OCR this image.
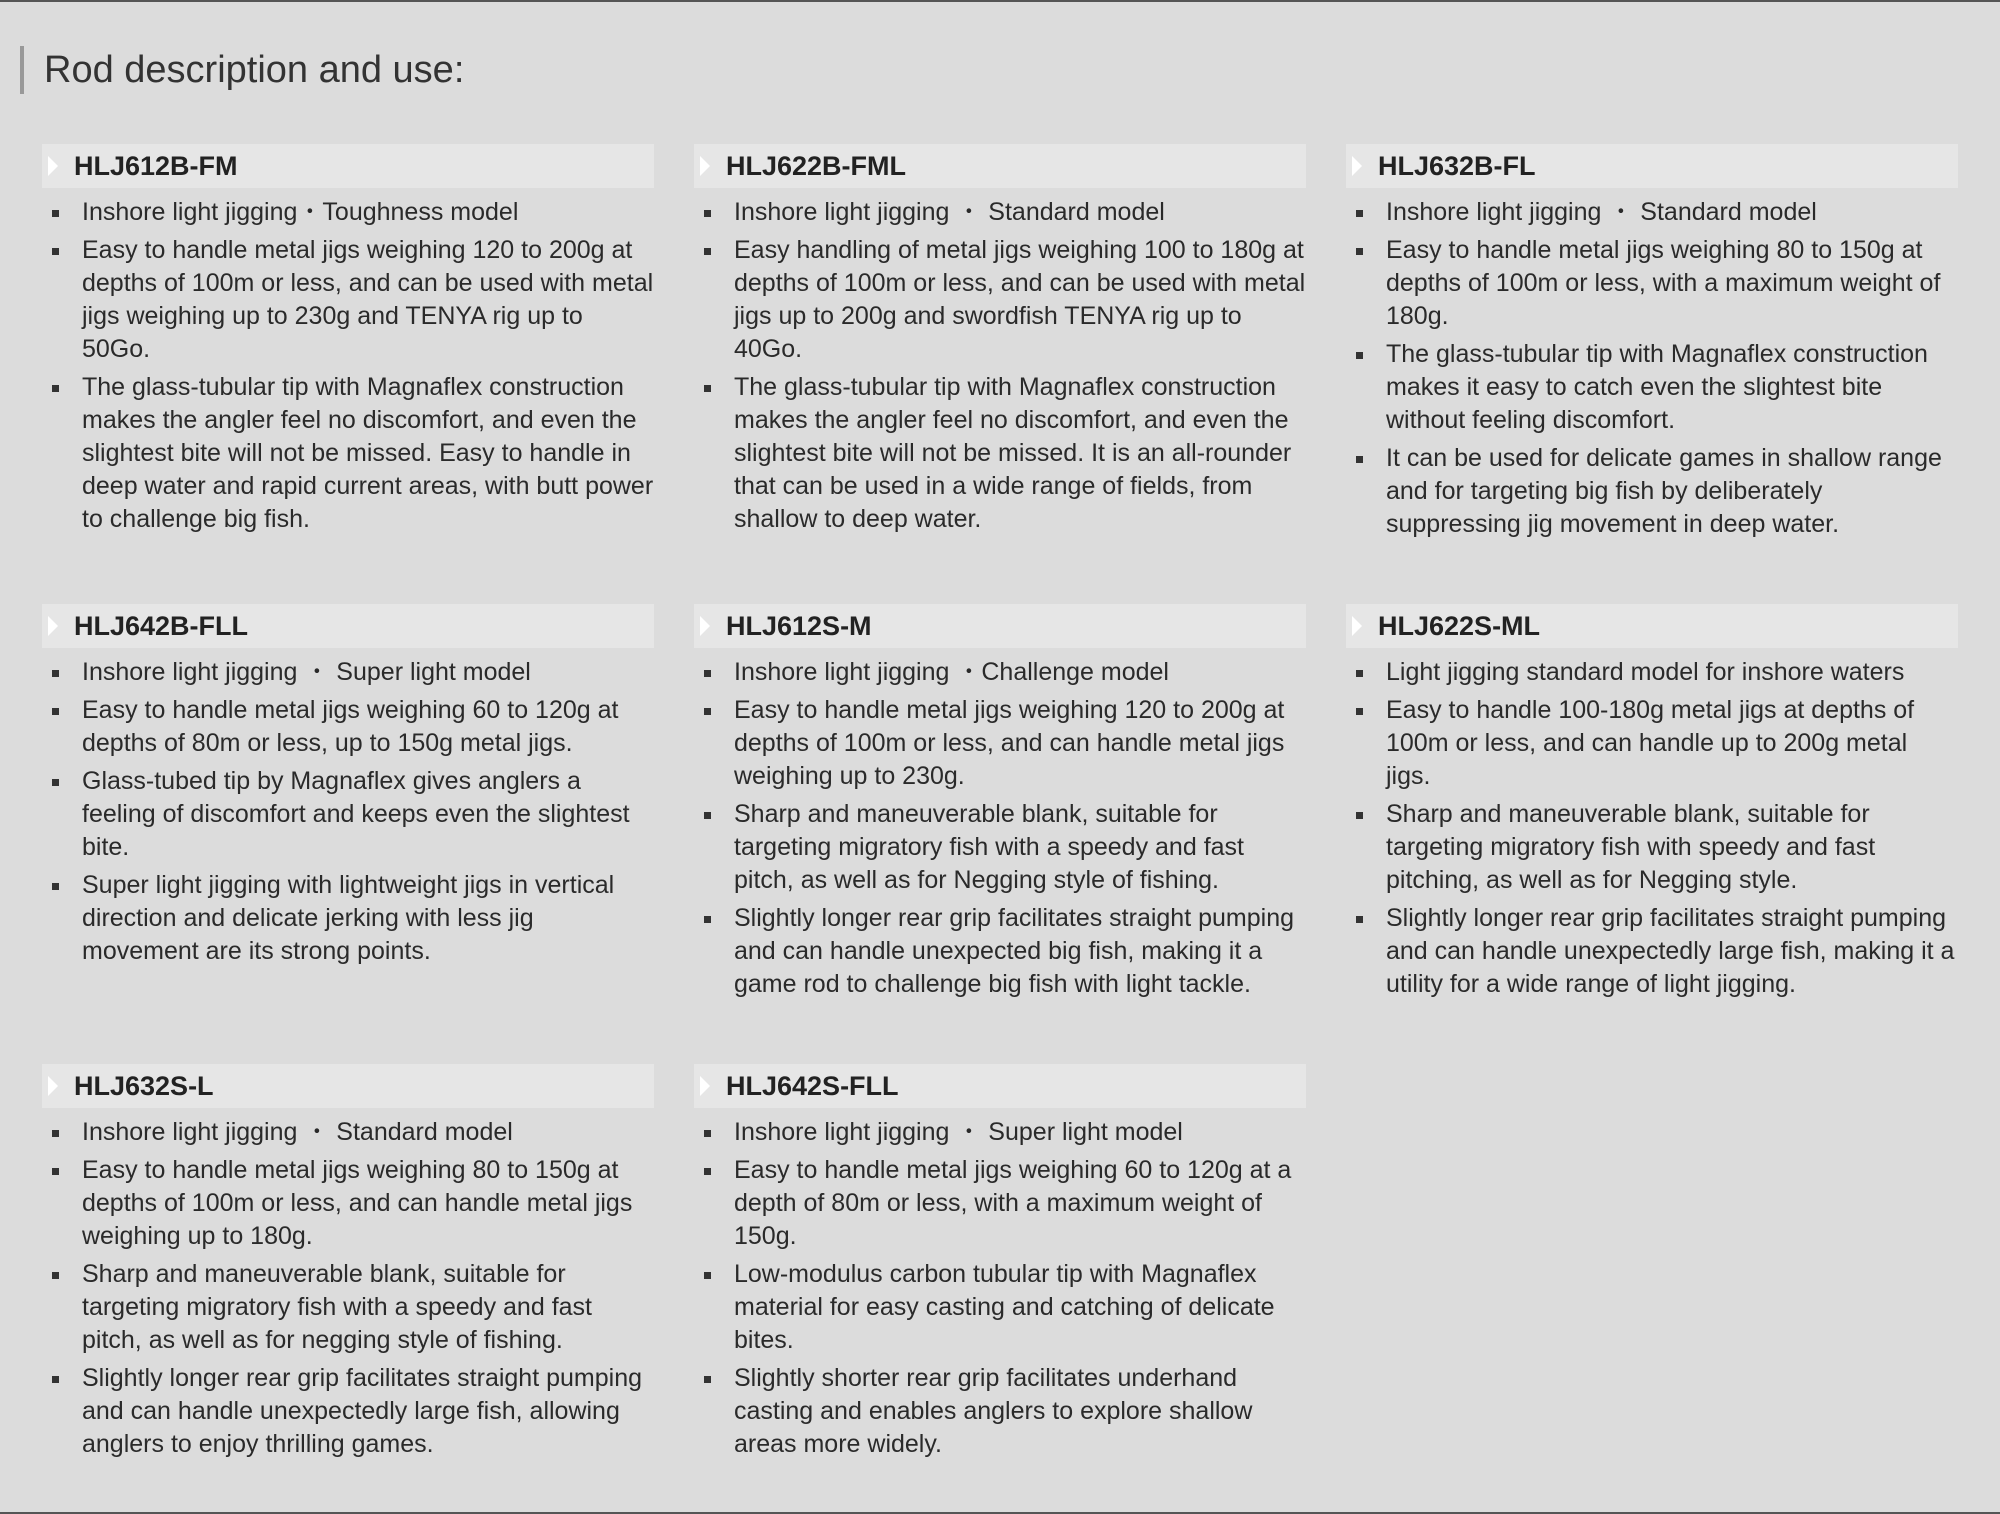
Rod description and use:
HLJ612B-FM
Inshore light jigging・Toughness model
Easy to handle metal jigs weighing 120 to 200g at depths of 100m or less, and can be used with metal jigs weighing up to 230g and TENYA rig up to 50Go.
The glass-tubular tip with Magnaflex construction makes the angler feel no discomfort, and even the slightest bite will not be missed. Easy to handle in deep water and rapid current areas, with butt power to challenge big fish.
HLJ622B-FML
Inshore light jigging ・ Standard model
Easy handling of metal jigs weighing 100 to 180g at depths of 100m or less, and can be used with metal jigs up to 200g and swordfish TENYA rig up to 40Go.
The glass-tubular tip with Magnaflex construction makes the angler feel no discomfort, and even the slightest bite will not be missed. It is an all-rounder that can be used in a wide range of fields, from shallow to deep water.
HLJ632B-FL
Inshore light jigging ・ Standard model
Easy to handle metal jigs weighing 80 to 150g at depths of 100m or less, with a maximum weight of 180g.
The glass-tubular tip with Magnaflex construction makes it easy to catch even the slightest bite without feeling discomfort.
It can be used for delicate games in shallow range and for targeting big fish by deliberately suppressing jig movement in deep water.
HLJ642B-FLL
Inshore light jigging ・ Super light model
Easy to handle metal jigs weighing 60 to 120g at depths of 80m or less, up to 150g metal jigs.
Glass-tubed tip by Magnaflex gives anglers a feeling of discomfort and keeps even the slightest bite.
Super light jigging with lightweight jigs in vertical direction and delicate jerking with less jig movement are its strong points.
HLJ612S-M
Inshore light jigging ・Challenge model
Easy to handle metal jigs weighing 120 to 200g at depths of 100m or less, and can handle metal jigs weighing up to 230g.
Sharp and maneuverable blank, suitable for targeting migratory fish with a speedy and fast pitch, as well as for Negging style of fishing.
Slightly longer rear grip facilitates straight pumping and can handle unexpected big fish, making it a game rod to challenge big fish with light tackle.
HLJ622S-ML
Light jigging standard model for inshore waters
Easy to handle 100-180g metal jigs at depths of 100m or less, and can handle up to 200g metal jigs.
Sharp and maneuverable blank, suitable for targeting migratory fish with speedy and fast pitching, as well as for Negging style.
Slightly longer rear grip facilitates straight pumping and can handle unexpectedly large fish, making it a utility for a wide range of light jigging.
HLJ632S-L
Inshore light jigging ・ Standard model
Easy to handle metal jigs weighing 80 to 150g at depths of 100m or less, and can handle metal jigs weighing up to 180g.
Sharp and maneuverable blank, suitable for targeting migratory fish with a speedy and fast pitch, as well as for negging style of fishing.
Slightly longer rear grip facilitates straight pumping and can handle unexpectedly large fish, allowing anglers to enjoy thrilling games.
HLJ642S-FLL
Inshore light jigging ・ Super light model
Easy to handle metal jigs weighing 60 to 120g at a depth of 80m or less, with a maximum weight of 150g.
Low-modulus carbon tubular tip with Magnaflex material for easy casting and catching of delicate bites.
Slightly shorter rear grip facilitates underhand casting and enables anglers to explore shallow areas more widely.
